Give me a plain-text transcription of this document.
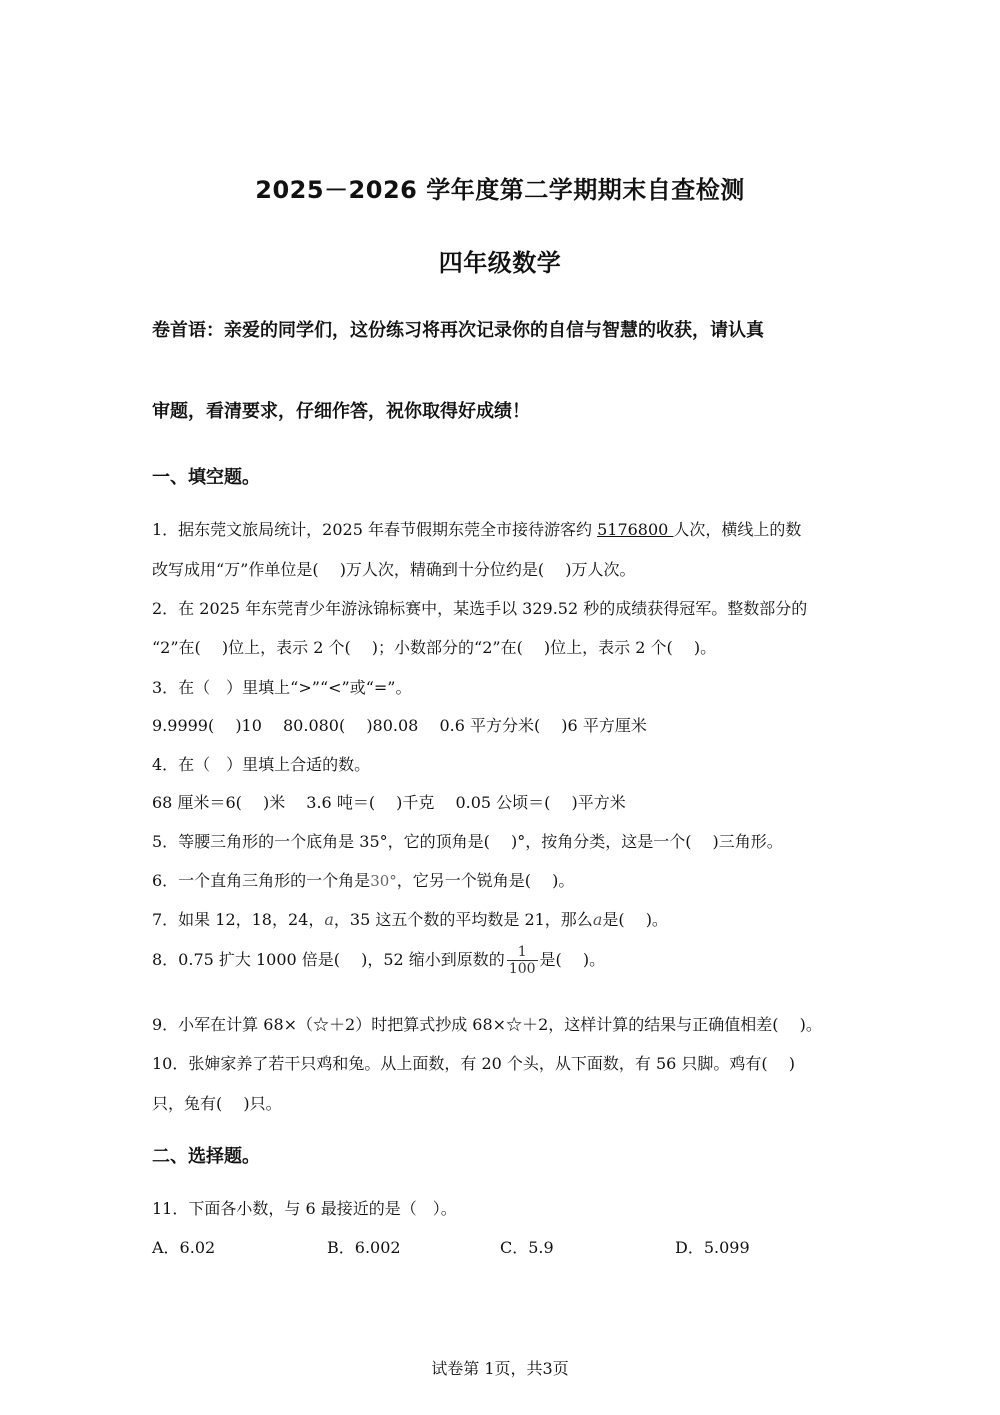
2025－2026 学年度第二学期期末自查检测
四年级数学
卷首语：亲爱的同学们，这份练习将再次记录你的自信与智慧的收获，请认真
审题，看清要求，仔细作答，祝你取得好成绩！
一、填空题。
1．据东莞文旅局统计，2025 年春节假期东莞全市接待游客约 5176800 人次，横线上的数
改写成用“万”作单位是(　 )万人次，精确到十分位约是(　 )万人次。
2．在 2025 年东莞青少年游泳锦标赛中，某选手以 329.52 秒的成绩获得冠军。整数部分的
“2”在(　 )位上，表示 2 个(　 )；小数部分的“2”在(　 )位上，表示 2 个(　 )。
3．在（　）里填上“>”“<”或“=”。
9.9999(　 )10　 80.080(　 )80.08　 0.6 平方分米(　 )6 平方厘米
4．在（　）里填上合适的数。
68 厘米＝6(　 )米　 3.6 吨＝(　 )千克　 0.05 公顷＝(　 )平方米
5．等腰三角形的一个底角是 35°，它的顶角是(　 )°，按角分类，这是一个(　 )三角形。
6．一个直角三角形的一个角是30°，它另一个锐角是(　 )。
7．如果 12，18，24，a，35 这五个数的平均数是 21，那么a是(　 )。
8．0.75 扩大 1000 倍是(　 )，52 缩小到原数的 $\frac{1}{100}$ 是(　 )。
9．小军在计算 68×（☆＋2）时把算式抄成 68×☆＋2，这样计算的结果与正确值相差(　 )。
10．张婶家养了若干只鸡和兔。从上面数，有 20 个头，从下面数，有 56 只脚。鸡有(　 )
只，兔有(　 )只。
二、选择题。
11．下面各小数，与 6 最接近的是（　）。
A．6.02	B．6.002	C．5.9	D．5.099
试卷第 1页，共3页
